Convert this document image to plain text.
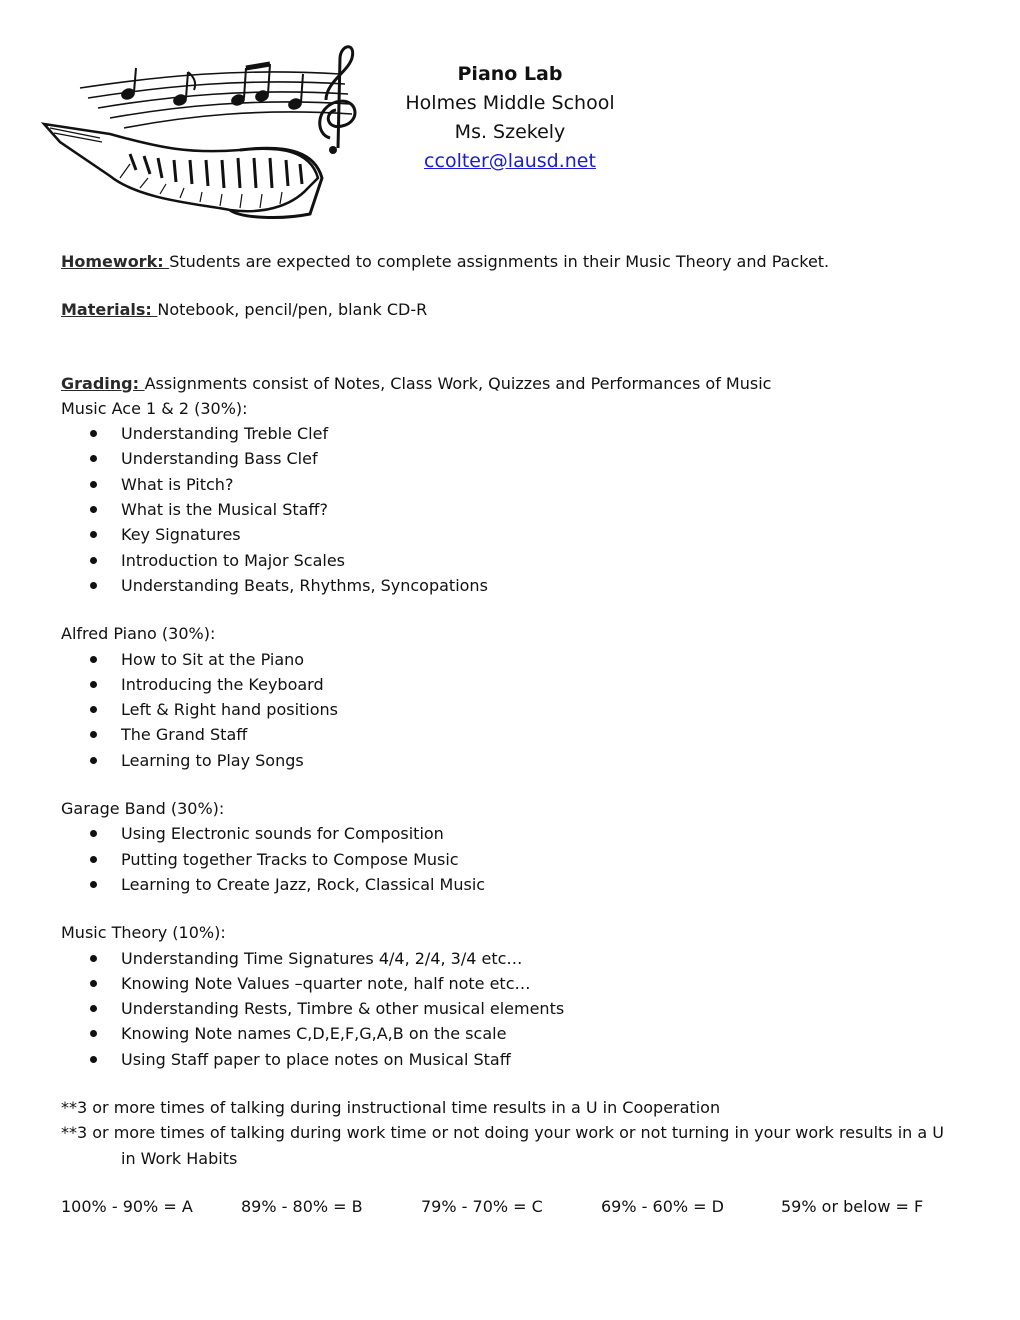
Piano Lab
Holmes Middle School
Ms. Szekely
ccolter@lausd.net

Homework: Students are expected to complete assignments in their Music Theory and Packet.

Materials: Notebook, pencil/pen, blank CD-R

Grading: Assignments consist of Notes, Class Work, Quizzes and Performances of Music

Music Ace 1 & 2 (30%):

Understanding Treble Clef
Understanding Bass Clef
What is Pitch?
What is the Musical Staff?
Key Signatures
Introduction to Major Scales
Understanding Beats, Rhythms, Syncopations

Alfred Piano (30%):

How to Sit at the Piano
Introducing the Keyboard
Left & Right hand positions
The Grand Staff
Learning to Play Songs

Garage Band (30%):

Using Electronic sounds for Composition
Putting together Tracks to Compose Music
Learning to Create Jazz, Rock, Classical Music

Music Theory (10%):

Understanding Time Signatures 4/4, 2/4, 3/4 etc…
Knowing Note Values –quarter note, half note etc…
Understanding Rests, Timbre & other musical elements
Knowing Note names C,D,E,F,G,A,B on the scale
Using Staff paper to place notes on Musical Staff

**3 or more times of talking during instructional time results in a U in Cooperation

**3 or more times of talking during work time or not doing your work or not turning in your work results in a U in Work Habits

100% - 90% = A	89% - 80% = B	79% - 70% = C	69% - 60% = D	59% or below = F
